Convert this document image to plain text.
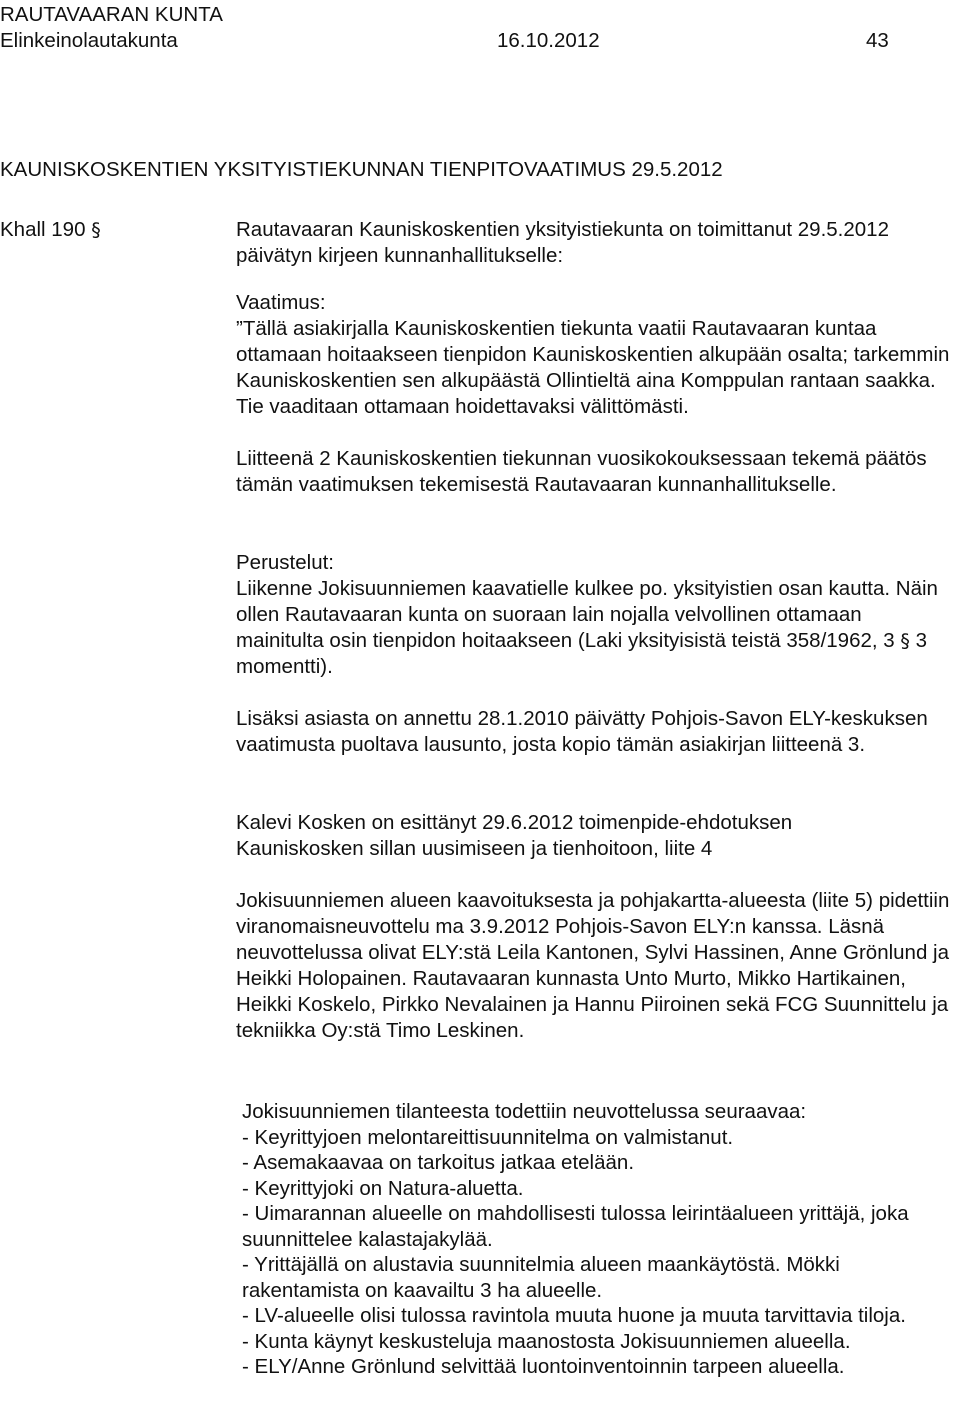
RAUTAVAARAN KUNTA
Elinkeinolautakunta	16.10.2012	43
KAUNISKOSKENTIEN YKSITYISTIEKUNNAN TIENPITOVAATIMUS 29.5.2012
Khall 190 §	Rautavaaran Kauniskoskentien yksityistiekunta on toimittanut 29.5.2012
päivätyn kirjeen kunnanhallitukselle:

Vaatimus:

”Tällä asiakirjalla Kauniskoskentien tiekunta vaatii Rautavaaran kuntaa ottamaan hoitaakseen tienpidon Kauniskoskentien alkupään osalta; tarkemmin Kauniskoskentien sen alkupäästä Ollintieltä aina Komppulan rantaan saakka. Tie vaaditaan ottamaan hoidettavaksi välittömästi.

Liitteenä 2 Kauniskoskentien tiekunnan vuosikokouksessaan tekemä päätös tämän vaatimuksen tekemisestä Rautavaaran kunnanhallitukselle.

Perustelut:

Liikenne Jokisuunniemen kaavatielle kulkee po. yksityistien osan kautta. Näin ollen Rautavaaran kunta on suoraan lain nojalla velvollinen ottamaan mainitulta osin tienpidon hoitaakseen (Laki yksityisistä teistä 358/1962, 3 § 3 momentti).

Lisäksi asiasta on annettu 28.1.2010 päivätty Pohjois-Savon ELY-keskuksen vaatimusta puoltava lausunto, josta kopio tämän asiakirjan liitteenä 3.

Kalevi Kosken on esittänyt 29.6.2012 toimenpide-ehdotuksen
Kauniskosken sillan uusimiseen ja tienhoitoon, liite 4

Jokisuunniemen alueen kaavoituksesta ja pohjakartta-alueesta (liite 5) pidettiin viranomaisneuvottelu ma 3.9.2012 Pohjois-Savon ELY:n kanssa. Läsnä neuvottelussa olivat ELY:stä Leila Kantonen, Sylvi Hassinen, Anne Grönlund ja Heikki Holopainen. Rautavaaran kunnasta Unto Murto, Mikko Hartikainen, Heikki Koskelo, Pirkko Nevalainen ja Hannu Piiroinen sekä FCG Suunnittelu ja tekniikka Oy:stä Timo Leskinen.

Jokisuunniemen tilanteesta todettiin neuvottelussa seuraavaa:

- Keyrittyjoen melontareittisuunnitelma on valmistanut.

- Asemakaavaa on tarkoitus jatkaa etelään.

- Keyrittyjoki on Natura-aluetta.

- Uimarannan alueelle on mahdollisesti tulossa leirintäalueen yrittäjä, joka suunnittelee kalastajakylää.

- Yrittäjällä on alustavia suunnitelmia alueen maankäytöstä. Mökki rakentamista on kaavailtu 3 ha alueelle.

- LV-alueelle olisi tulossa ravintola muuta huone ja muuta tarvittavia tiloja.

- Kunta käynyt keskusteluja maanostosta Jokisuunniemen alueella.

- ELY/Anne Grönlund selvittää luontoinventoinnin tarpeen alueella.
